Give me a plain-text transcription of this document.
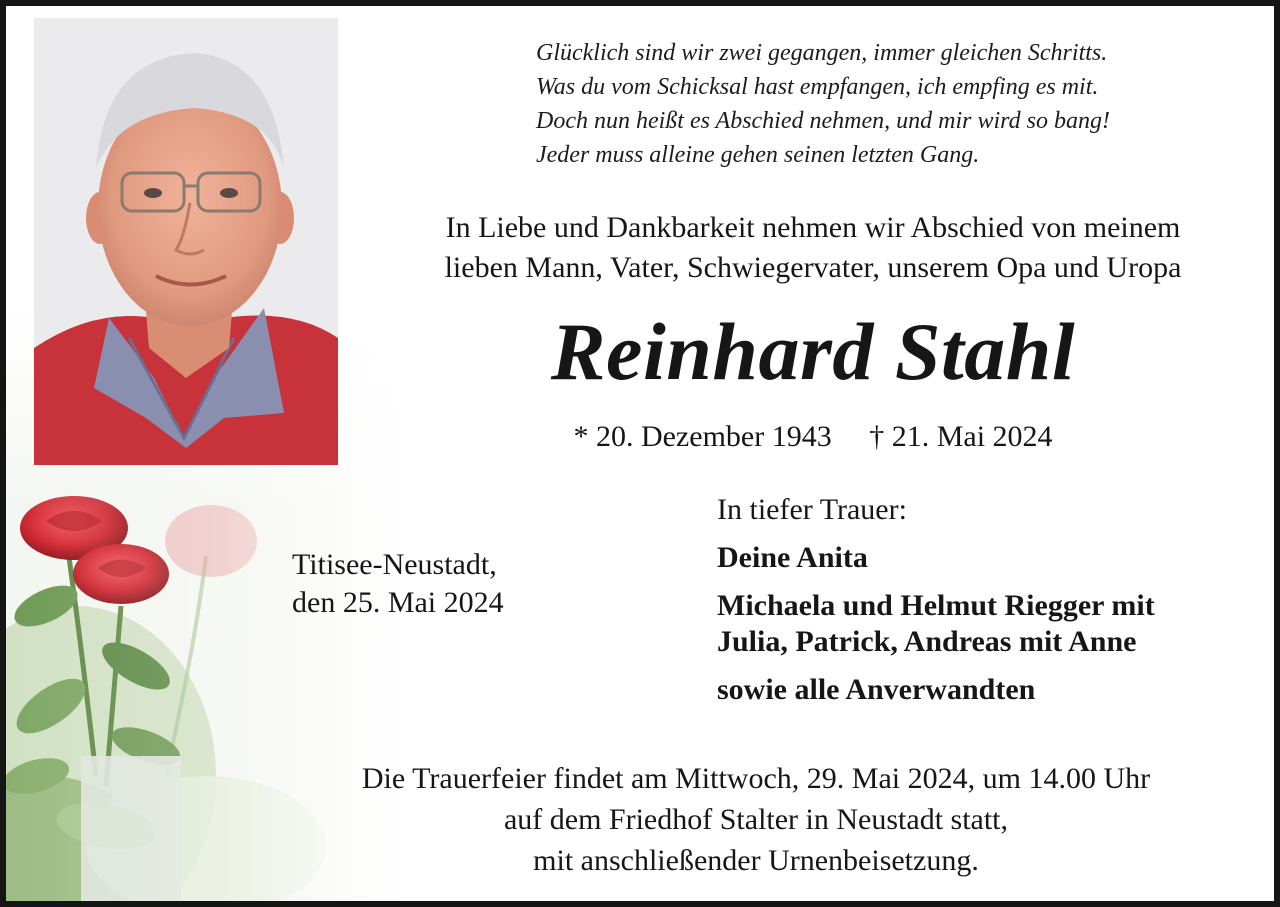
Glücklich sind wir zwei gegangen, immer gleichen Schritts.
Was du vom Schicksal hast empfangen, ich empfing es mit.
Doch nun heißt es Abschied nehmen, und mir wird so bang!
Jeder muss alleine gehen seinen letzten Gang.
In Liebe und Dankbarkeit nehmen wir Abschied von meinem
lieben Mann, Vater, Schwiegervater, unserem Opa und Uropa
Reinhard Stahl
* 20. Dezember 1943 † 21. Mai 2024
Titisee-Neustadt,
den 25. Mai 2024
In tiefer Trauer:
Deine Anita
Michaela und Helmut Riegger mit
Julia, Patrick, Andreas mit Anne
sowie alle Anverwandten
Die Trauerfeier findet am Mittwoch, 29. Mai 2024, um 14.00 Uhr
auf dem Friedhof Stalter in Neustadt statt,
mit anschließender Urnenbeisetzung.
